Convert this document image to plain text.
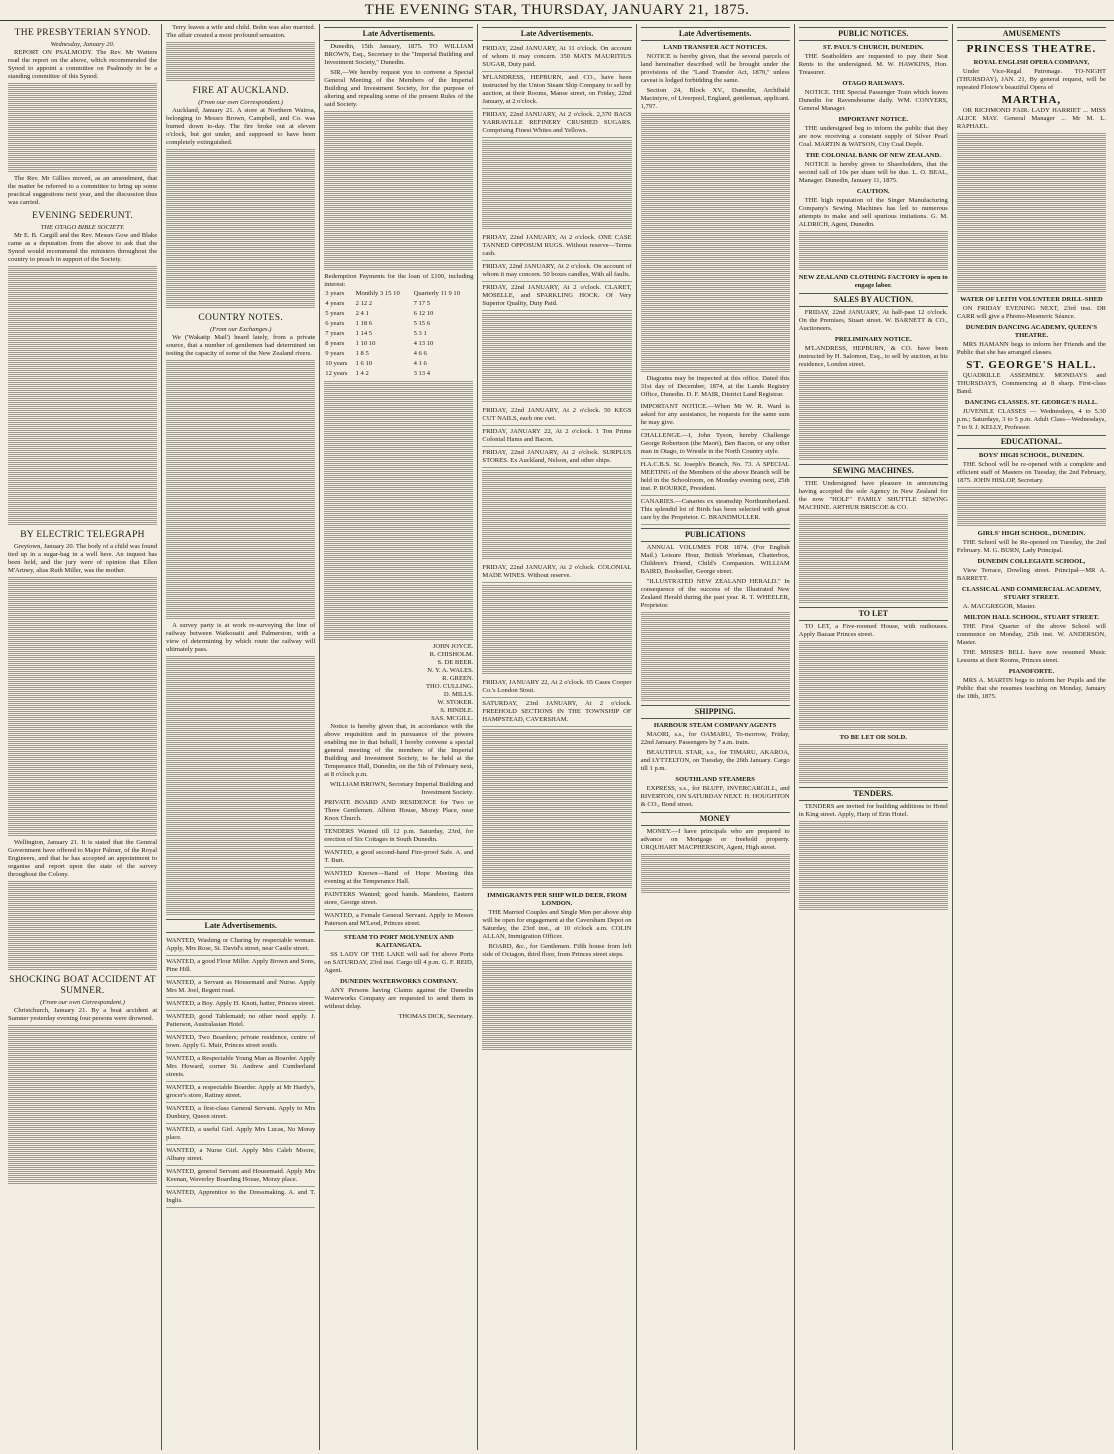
THE EVENING STAR, THURSDAY, JANUARY 21, 1875.
THE PRESBYTERIAN SYNOD.
Wednesday, January 20.

REPORT ON PSALMODY. The Rev. Mr Watters read the report on the above, which recommended the Synod to appoint a committee on Psalmody to be a standing committee of this Synod.

The Rev. Mr Gillies moved, as an amendment, that the matter be referred to a committee to bring up some practical suggestions next year, and the discussion thus was carried.

EVENING SEDERUNT.
THE OTAGO BIBLE SOCIETY.

Mr E. B. Cargill and the Rev. Messrs Gow and Blake came as a deputation from the above to ask that the Synod would recommend the ministers throughout the country to preach in support of the Society.

BY ELECTRIC TELEGRAPH

Greytown, January 20. The body of a child was found tied up in a sugar-bag in a well here. An inquest has been held, and the jury were of opinion that Ellen M'Artney, alias Ruth Miller, was the mother.

Wellington, January 21. It is stated that the General Government have offered to Major Palmer, of the Royal Engineers, and that he has accepted an appointment to organise and report upon the state of the survey throughout the Colony.

SHOCKING BOAT ACCIDENT AT SUMNER.
(From our own Correspondent.)

Christchurch, January 21. By a boat accident at Sumner yesterday evening four persons were drowned.

Terry leaves a wife and child. Bohn was also married. The affair created a most profound sensation.

FIRE AT AUCKLAND.
(From our own Correspondent.)

Auckland, January 21. A store at Northern Wairoa, belonging to Messrs Brown, Campbell, and Co. was burned down to-day. The fire broke out at eleven o'clock, but got under, and supposed to have been completely extinguished.

COUNTRY NOTES.
(From our Exchanges.)

We ('Wakatip Mail') heard lately, from a private source, that a number of gentlemen had determined on testing the capacity of some of the New Zealand rivers.

A survey party is at work re-surveying the line of railway between Waikouaiti and Palmerston, with a view of determining by which route the railway will ultimately pass.

Late Advertisements.
WANTED, Washing or Charing by respectable woman. Apply, Mrs Rose, St. David's street, near Castle street.
WANTED, a good Flour Miller. Apply Brown and Sons, Pine Hill.
WANTED, a Servant as Housemaid and Nurse. Apply Mrs M. Joel, Regent road.
WANTED, a Boy. Apply H. Knott, hatter, Princes street.
WANTED, good Tablemaid; no other need apply. J. Patterson, Australasian Hotel.
WANTED, Two Boarders; private residence, centre of town. Apply G. Muir, Princes street south.
WANTED, a Respectable Young Man as Boarder. Apply Mrs Howard, corner St. Andrew and Cumberland streets.
WANTED, a respectable Boarder. Apply at Mr Hardy's, grocer's store, Rattray street.
WANTED, a first-class General Servant. Apply to Mrs Dunbury, Queen street.
WANTED, a useful Girl. Apply Mrs Lucas, No Moray place.
WANTED, a Nurse Girl. Apply Mrs Caleb Moore, Albany street.
WANTED, general Servant and Housemaid. Apply Mrs Keenan, Waverley Boarding House, Moray place.
WANTED, Apprentice to the Dressmaking. A. and T. Inglis.
Late Advertisements.

Dunedin, 15th January, 1875. TO WILLIAM BROWN, Esq., Secretary to the "Imperial Building and Investment Society," Dunedin.

SIR,—We hereby request you to convene a Special General Meeting of the Members of the Imperial Building and Investment Society, for the purpose of altering and repealing some of the present Rules of the said Society.

Redemption Payments for the loan of £100, including interest:
3 years	Monthly 3 15 10	Quarterly 11 9 10
4 years	2 12 2	7 17 5
5 years	2 4 1	6 12 10
6 years	1 18 6	5 15 6
7 years	1 14 5	5 3 1
8 years	1 10 10	4 13 10
9 years	1 8 5	4 6 6
10 years	1 6 10	4 1 6
12 years	1 4 2	3 13 4
JOHN JOYCE.
R. CHISHOLM.
S. DE BEER.
N. Y. A. WALES.
R. GREEN.
THO. CULLING.
D. MILLS.
W. STOKER.
S. HINDLE.
SAS. MCGILL.

Notice is hereby given that, in accordance with the above requisition and in pursuance of the powers enabling me in that behalf, I hereby convene a special general meeting of the members of the Imperial Building and Investment Society, to be held at the Temperance Hall, Dunedin, on the 5th of February next, at 8 o'clock p.m.

WILLIAM BROWN, Secretary Imperial Building and Investment Society.
PRIVATE BOARD AND RESIDENCE for Two or Three Gentlemen. Albion House, Moray Place, near Knox Church.
TENDERS Wanted till 12 p.m. Saturday, 23rd, for erection of Six Cottages in South Dunedin.
WANTED, a good second-hand Fire-proof Safe. A. and T. Burt.
WANTED Known—Band of Hope Meeting this evening at the Temperance Hall.
PAINTERS Wanted; good hands. Mandeno, Eastern store, George street.
WANTED, a Female General Servant. Apply to Messrs Paterson and M'Leod, Princes street.
STEAM TO PORT MOLYNEUX AND KAITANGATA.

SS LADY OF THE LAKE will sail for above Ports on SATURDAY, 23rd inst. Cargo till 4 p.m. G. F. REID, Agent.

DUNEDIN WATERWORKS COMPANY.

ANY Persons having Claims against the Dunedin Waterworks Company are requested to send them in without delay.

THOMAS DICK, Secretary.
Late Advertisements.
FRIDAY, 22nd JANUARY, At 11 o'clock. On account of whom it may concern. 350 MATS MAURITIUS SUGAR, Duty paid.
M'LANDRESS, HEPBURN, and CO., have been instructed by the Union Steam Ship Company to sell by auction, at their Rooms, Manse street, on Friday, 22nd January, at 2 o'clock.
FRIDAY, 22nd JANUARY, At 2 o'clock. 2,370 BAGS YARRAVILLE REFINERY CRUSHED SUGARS. Comprising Finest Whites and Yellows.
FRIDAY, 22nd JANUARY, At 2 o'clock. ONE CASE TANNED OPPOSUM RUGS. Without reserve—Terms cash.
FRIDAY, 22nd JANUARY, At 2 o'clock. On account of whom it may concern. 50 boxes candles, With all faults.
FRIDAY, 22nd JANUARY, At 2 o'clock. CLARET, MOSELLE, and SPARKLING HOCK. Of Very Superior Quality, Duty Paid.
FRIDAY, 22nd JANUARY, At 2 o'clock. 50 KEGS CUT NAILS, each one cwt.
FRIDAY, JANUARY 22, At 2 o'clock. 1 Ton Prime Colonial Hams and Bacon.
FRIDAY, 22nd JANUARY, At 2 o'clock. SURPLUS STORES. Ex Auckland, Nelson, and other ships.
FRIDAY, 22nd JANUARY, At 2 o'clock. COLONIAL MADE WINES. Without reserve.
FRIDAY, JANUARY 22, At 2 o'clock. 65 Cases Cooper Co.'s London Stout.
SATURDAY, 23rd JANUARY, At 2 o'clock. FREEHOLD SECTIONS IN THE TOWNSHIP OF HAMPSTEAD, CAVERSHAM.
IMMIGRANTS PER SHIP WILD DEER, FROM LONDON.

THE Married Couples and Single Men per above ship will be open for engagement at the Caversham Depot on Saturday, the 23rd inst., at 10 o'clock a.m. COLIN ALLAN, Immigration Officer.

BOARD, &c., for Gentlemen. Fifth house from left side of Octagon, third floor, from Princes street steps.

Late Advertisements.
LAND TRANSFER ACT NOTICES.

NOTICE is hereby given, that the several parcels of land hereinafter described will be brought under the provisions of the "Land Transfer Act, 1870," unless caveat is lodged forbidding the same.

Section 24, Block XV., Dunedin, Archibald Macintyre, of Liverpool, England, gentleman, applicant. 1,797.

Diagrams may be inspected at this office. Dated this 31st day of December, 1874, at the Lands Registry Office, Dunedin. D. F. MAIR, District Land Registrar.

IMPORTANT NOTICE.—When Mr W. R. Ward is asked for any assistance, he requests for the same sum he may give.
CHALLENGE.—I, John Tyson, hereby Challenge George Robertson (the Maori), Ben Bacon, or any other man in Otago, to Wrestle in the North Country style.
H.A.C.B.S. St. Joseph's Branch, No. 73. A SPECIAL MEETING of the Members of the above Branch will be held in the Schoolroom, on Monday evening next, 25th inst. P. ROURKE, President.
CANARIES.—Canaries ex steamship Northumberland. This splendid lot of Birds has been selected with great care by the Proprietor. C. BRANDMULLER.
PUBLICATIONS

ANNUAL VOLUMES FOR 1874. (For English Mail.) Leisure Hour, British Workman, Chatterbox, Children's Friend, Child's Companion. WILLIAM BAIRD, Bookseller, George street.

"ILLUSTRATED NEW ZEALAND HERALD." In consequence of the success of the Illustrated New Zealand Herald during the past year. R. T. WHEELER, Proprietor.

SHIPPING.
HARBOUR STEAM COMPANY AGENTS

MAORI, s.s., for OAMARU, To-morrow, Friday, 22nd January. Passengers by 7 a.m. train.

BEAUTIFUL STAR, s.s., for TIMARU, AKAROA, and LYTTELTON, on Tuesday, the 26th January. Cargo till 1 p.m.

SOUTHLAND STEAMERS

EXPRESS, s.s., for BLUFF, INVERCARGILL, and RIVERTON, ON SATURDAY NEXT. H. HOUGHTON & CO., Bond street.

MONEY

MONEY.—I have principals who are prepared to advance on Mortgage or freehold property. URQUHART MACPHERSON, Agent, High street.

PUBLIC NOTICES.
ST. PAUL'S CHURCH, DUNEDIN.

THE Seatholders are requested to pay their Seat Rents to the undersigned. M. W. HAWKINS, Hon. Treasurer.

OTAGO RAILWAYS.

NOTICE. THE Special Passenger Train which leaves Dunedin for Ravensbourne daily. WM. CONYERS, General Manager.

IMPORTANT NOTICE.

THE undersigned beg to inform the public that they are now receiving a constant supply of Silver Pearl Coal. MARTIN & WATSON, City Coal Depôt.

THE COLONIAL BANK OF NEW ZEALAND.

NOTICE is hereby given to Shareholders, that the second call of 10s per share will be due. L. O. BEAL, Manager. Dunedin, January 11, 1875.

CAUTION.

THE high reputation of the Singer Manufacturing Company's Sewing Machines has led to numerous attempts to make and sell spurious imitations. G. M. ALDRICH, Agent, Dunedin.

NEW ZEALAND CLOTHING FACTORY is open to engage labor.
SALES BY AUCTION.

FRIDAY, 22nd JANUARY, At half-past 12 o'clock. On the Premises, Stuart street. W. BARNETT & CO., Auctioneers.

PRELIMINARY NOTICE.

M'LANDRESS, HEPBURN, & CO. have been instructed by H. Salomon, Esq., to sell by auction, at his residence, London street.

SEWING MACHINES.

THE Undersigned have pleasure in announcing having accepted the sole Agency in New Zealand for the now "HOLF" FAMILY SHUTTLE SEWING MACHINE. ARTHUR BRISCOE & CO.

TO LET

TO LET, a Five-roomed House, with outhouses. Apply Bazaar Princes street.

TO BE LET OR SOLD.
TENDERS.

TENDERS are invited for building additions to Hotel in King street. Apply, Harp of Erin Hotel.

AMUSEMENTS
PRINCESS THEATRE.
ROYAL ENGLISH OPERA COMPANY,

Under Vice-Regal Patronage. TO-NIGHT (THURSDAY), JAN. 21, By general request, will be repeated Flotow's beautiful Opera of

MARTHA,

OR RICHMOND FAIR. LADY HARRIET ... MISS ALICE MAY. General Manager ... Mr M. L. RAPHAEL.

WATER OF LEITH VOLUNTEER DRILL-SHED

ON FRIDAY EVENING NEXT, 23rd inst. DR CARR will give a Phreno-Mesmeric Séance.

DUNEDIN DANCING ACADEMY, QUEEN'S THEATRE.

MRS HAMANN begs to inform her Friends and the Public that she has arranged classes.

ST. GEORGE'S HALL.

QUADRILLE ASSEMBLY. MONDAYS and THURSDAYS, Commencing at 8 sharp. First-class Band.

DANCING CLASSES. ST. GEORGE'S HALL.

JUVENILE CLASSES — Wednesdays, 4 to 5.30 p.m.; Saturdays, 3 to 5 p.m. Adult Class—Wednesdays, 7 to 9. J. KELLY, Professor.

EDUCATIONAL.
BOYS' HIGH SCHOOL, DUNEDIN.

THE School will be re-opened with a complete and efficient staff of Masters on Tuesday, the 2nd February, 1875. JOHN HISLOP, Secretary.

GIRLS' HIGH SCHOOL, DUNEDIN.

THE School will be Re-opened on Tuesday, the 2nd February. M. G. BURN, Lady Principal.

DUNEDIN COLLEGIATE SCHOOL,

View Terrace, Dowling street. Principal—MR A. BARRETT.

CLASSICAL AND COMMERCIAL ACADEMY, STUART STREET.

A. MACGREGOR, Master.

MILTON HALL SCHOOL, STUART STREET.

THE First Quarter of the above School will commence on Monday, 25th inst. W. ANDERSON, Master.

THE MISSES BELL have now resumed Music Lessons at their Rooms, Princes street.

PIANOFORTE.

MRS A. MARTIN begs to inform her Pupils and the Public that she resumes teaching on Monday, January the 18th, 1875.
